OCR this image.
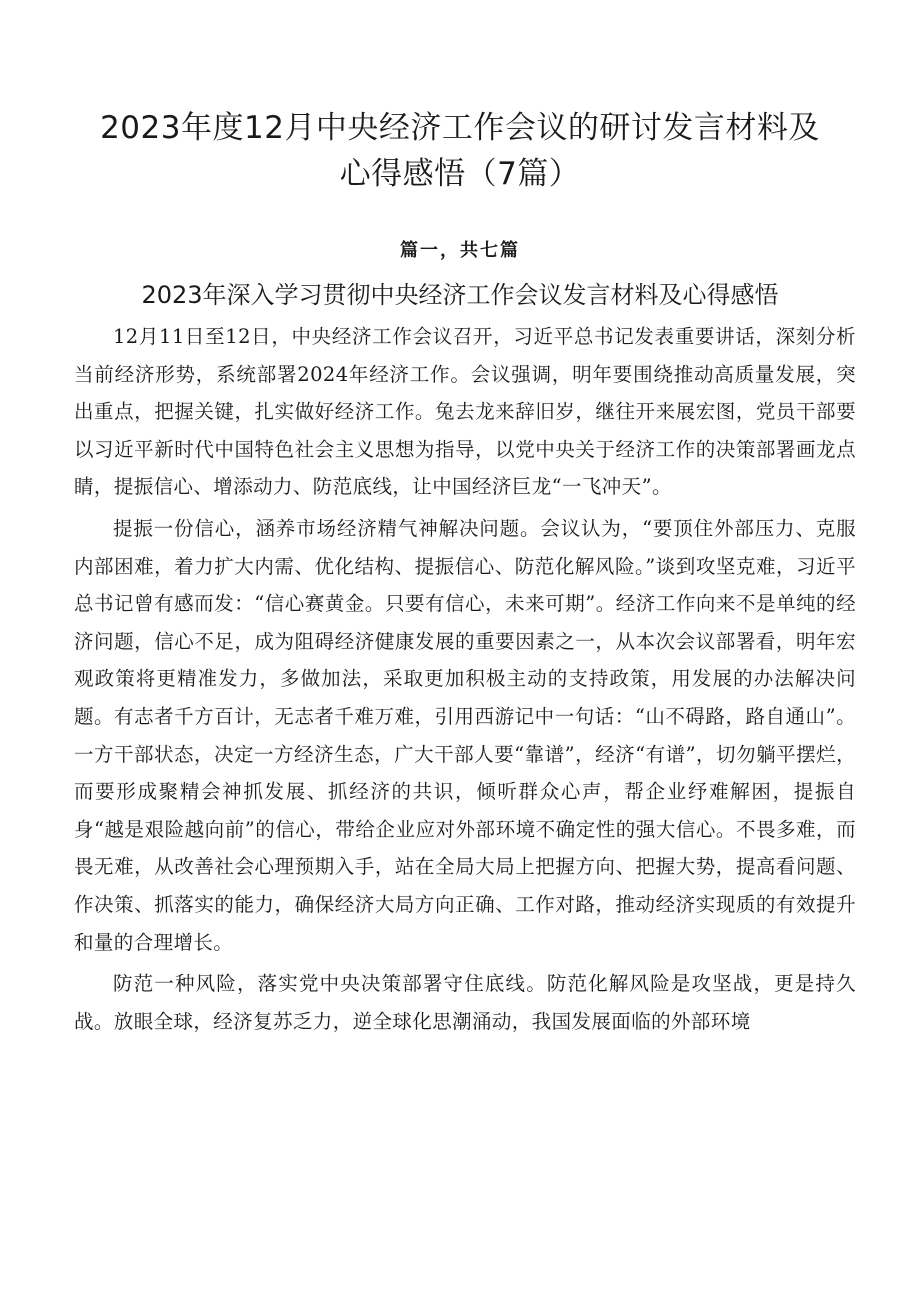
2023年度12月中央经济工作会议的研讨发言材料及心得感悟（7篇）
篇一，共七篇
2023年深入学习贯彻中央经济工作会议发言材料及心得感悟

12月11日至12日，中央经济工作会议召开，习近平总书记发表重要讲话，深刻分析当前经济形势，系统部署2024年经济工作。会议强调，明年要围绕推动高质量发展，突出重点，把握关键，扎实做好经济工作。兔去龙来辞旧岁，继往开来展宏图，党员干部要以习近平新时代中国特色社会主义思想为指导，以党中央关于经济工作的决策部署画龙点睛，提振信心、增添动力、防范底线，让中国经济巨龙“一飞冲天”。

提振一份信心，涵养市场经济精气神解决问题。会议认为，“要顶住外部压力、克服内部困难，着力扩大内需、优化结构、提振信心、防范化解风险。”谈到攻坚克难，习近平总书记曾有感而发：“信心赛黄金。只要有信心，未来可期”。经济工作向来不是单纯的经济问题，信心不足，成为阻碍经济健康发展的重要因素之一，从本次会议部署看，明年宏观政策将更精准发力，多做加法，采取更加积极主动的支持政策，用发展的办法解决问题。有志者千方百计，无志者千难万难，引用西游记中一句话：“山不碍路，路自通山”。一方干部状态，决定一方经济生态，广大干部人要“靠谱”，经济“有谱”，切勿躺平摆烂，而要形成聚精会神抓发展、抓经济的共识，倾听群众心声，帮企业纾难解困，提振自身“越是艰险越向前”的信心，带给企业应对外部环境不确定性的强大信心。不畏多难，而畏无难，从改善社会心理预期入手，站在全局大局上把握方向、把握大势，提高看问题、作决策、抓落实的能力，确保经济大局方向正确、工作对路，推动经济实现质的有效提升和量的合理增长。

防范一种风险，落实党中央决策部署守住底线。防范化解风险是攻坚战，更是持久战。放眼全球，经济复苏乏力，逆全球化思潮涌动，我国发展面临的外部环境
